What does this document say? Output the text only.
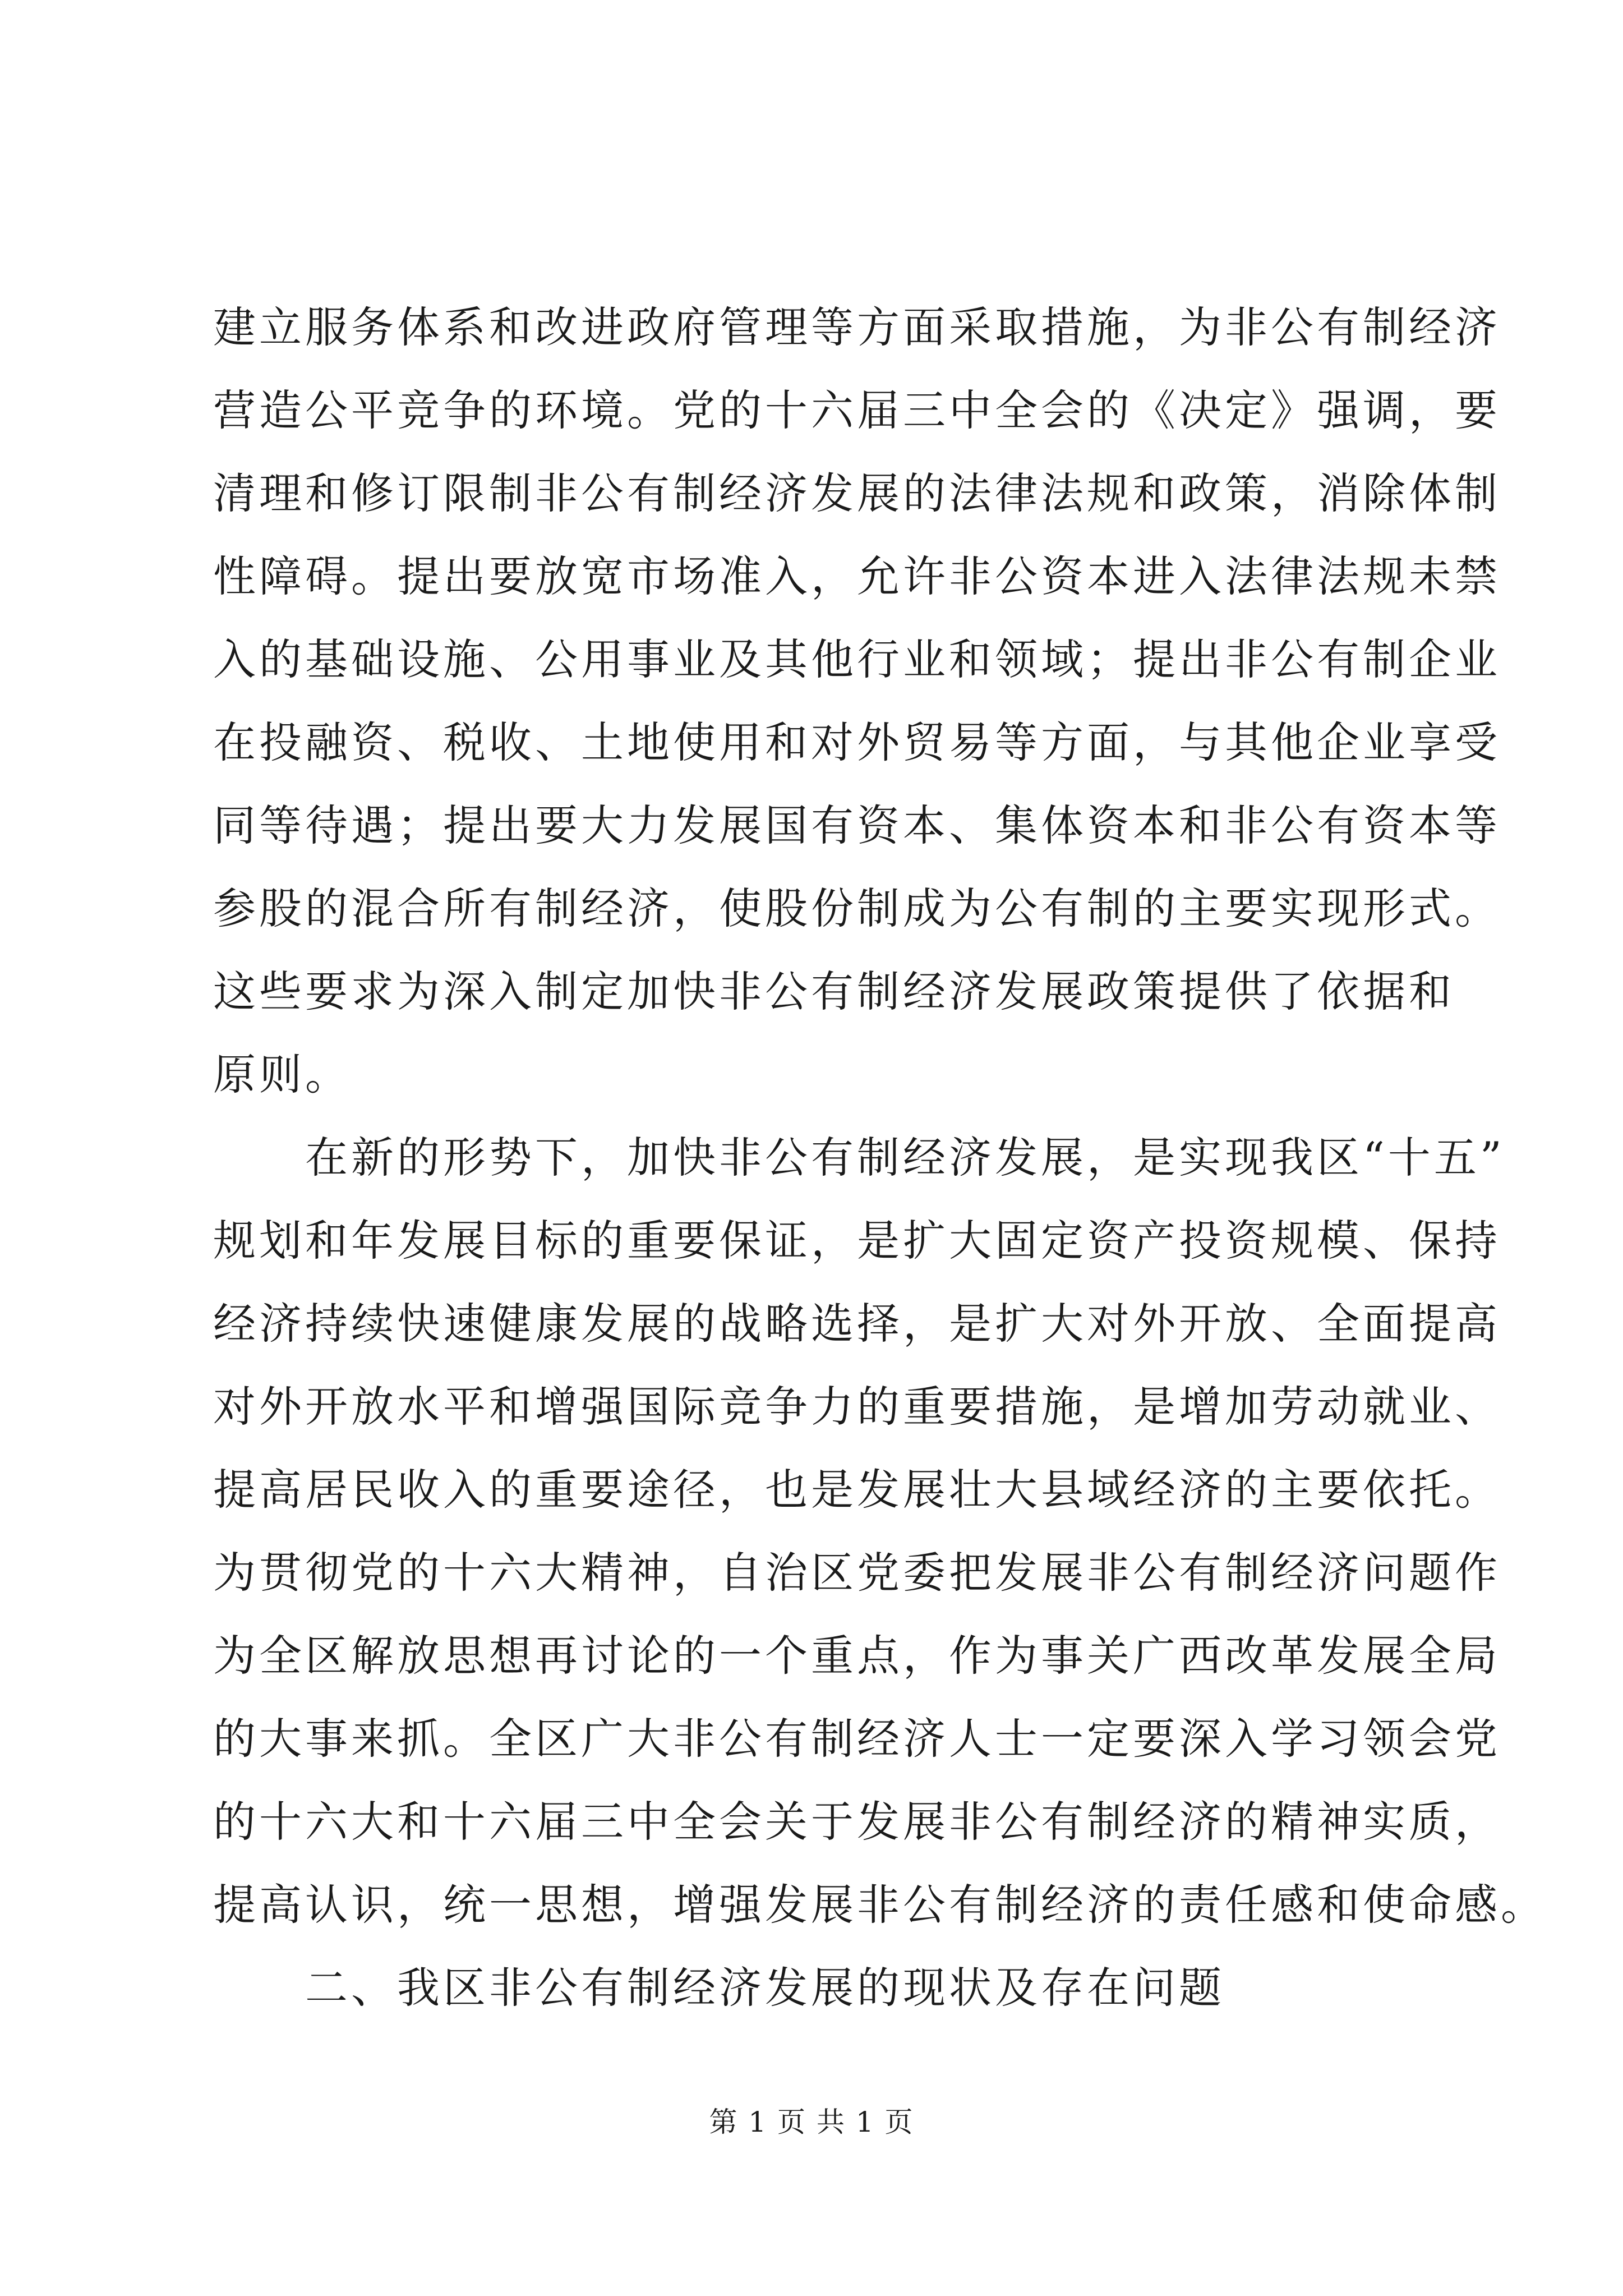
建立服务体系和改进政府管理等方面采取措施，为非公有制经济
营造公平竞争的环境。党的十六届三中全会的《决定》强调，要
清理和修订限制非公有制经济发展的法律法规和政策，消除体制
性障碍。提出要放宽市场准入，允许非公资本进入法律法规未禁
入的基础设施、公用事业及其他行业和领域；提出非公有制企业
在投融资、税收、土地使用和对外贸易等方面，与其他企业享受
同等待遇；提出要大力发展国有资本、集体资本和非公有资本等
参股的混合所有制经济，使股份制成为公有制的主要实现形式。
这些要求为深入制定加快非公有制经济发展政策提供了依据和
原则。
　　在新的形势下，加快非公有制经济发展，是实现我区“十五”
规划和年发展目标的重要保证，是扩大固定资产投资规模、保持
经济持续快速健康发展的战略选择，是扩大对外开放、全面提高
对外开放水平和增强国际竞争力的重要措施，是增加劳动就业、
提高居民收入的重要途径，也是发展壮大县域经济的主要依托。
为贯彻党的十六大精神，自治区党委把发展非公有制经济问题作
为全区解放思想再讨论的一个重点，作为事关广西改革发展全局
的大事来抓。全区广大非公有制经济人士一定要深入学习领会党
的十六大和十六届三中全会关于发展非公有制经济的精神实质，
提高认识，统一思想，增强发展非公有制经济的责任感和使命感。
　　二、我区非公有制经济发展的现状及存在问题
第 1 页 共 1 页
